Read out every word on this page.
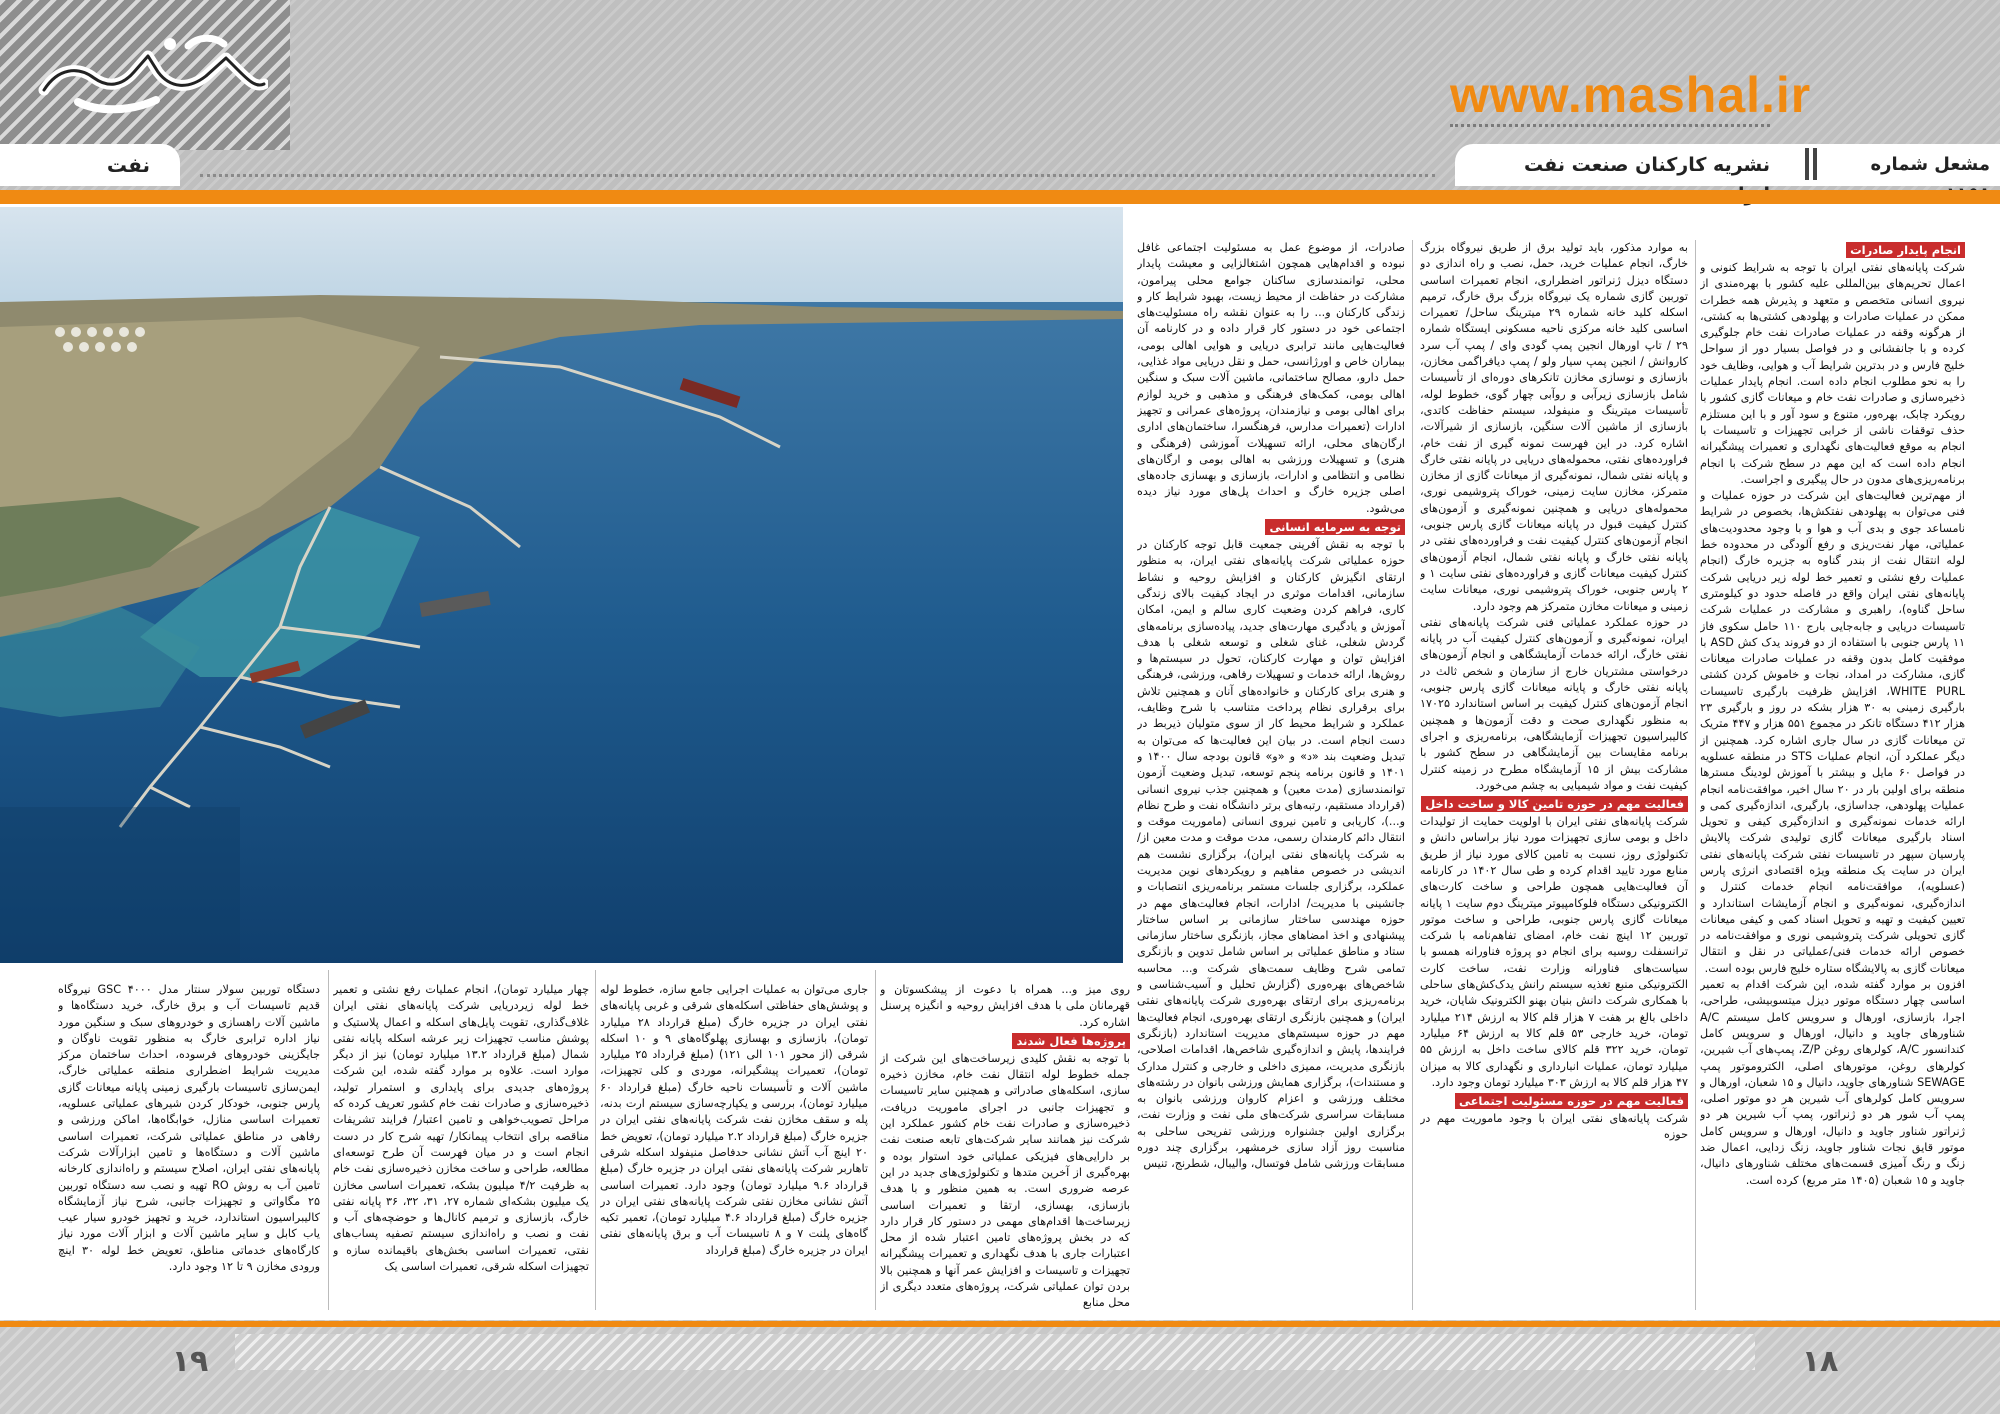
www.mashal.ir
نفت	نشریه کارکنان صنعت نفت	مشعل شماره
انجام پایدار صادرات

شرکت پایانه‌های نفتی ایران با توجه به شرایط کنونی و اعمال تحریم‌های بین‌المللی علیه کشور با بهره‌مندی از نیروی انسانی متخصص و متعهد و پذیرش همه خطرات ممکن در عملیات صادرات و پهلودهی کشتی‌ها به کشتی، از هرگونه وقفه در عملیات صادرات نفت خام جلوگیری کرده و با جانفشانی و در فواصل بسیار دور از سواحل خلیج فارس و در بدترین شرایط آب و هوایی، وظایف خود را به نحو مطلوب انجام داده است. انجام پایدار عملیات ذخیره‌سازی و صادرات نفت خام و میعانات گازی کشور با رویکرد چابک، بهره‌ور، متنوع و سود آور و با این مستلزم حذف توقفات ناشی از خرابی تجهیزات و تاسیسات با انجام به موقع فعالیت‌های نگهداری و تعمیرات پیشگیرانه انجام داده است که این مهم در سطح شرکت با انجام برنامه‌ریزی‌های مدون در حال پیگیری و اجراست.

از مهم‌ترین فعالیت‌های این شرکت در حوزه عملیات و فنی می‌توان به پهلودهی نفتکش‌ها، بخصوص در شرایط نامساعد جوی و بدی آب و هوا و با وجود محدودیت‌های عملیاتی، مهار نفت‌ریزی و رفع آلودگی در محدوده خط لوله انتقال نفت از بندر گناوه به جزیره خارگ (انجام عملیات رفع نشتی و تعمیر خط لوله زیر دریایی شرکت پایانه‌های نفتی ایران واقع در فاصله حدود دو کیلومتری ساحل گناوه)، راهبری و مشارکت در عملیات شرکت تاسیسات دریایی و جابه‌جایی بارج ۱۱۰ حامل سکوی فاز ۱۱ پارس جنوبی با استفاده از دو فروند یدک کش ASD با موفقیت کامل بدون وقفه در عملیات صادرات میعانات گازی، مشارکت در امداد، نجات و خاموش کردن کشتی WHITE PURL، افزایش ظرفیت بارگیری تاسیسات بارگیری زمینی به ۳۰ هزار بشکه در روز و بارگیری ۲۳ هزار ۴۱۲ دستگاه تانکر در مجموع ۵۵۱ هزار و ۴۴۷ متریک تن میعانات گازی در سال جاری اشاره کرد. همچنین از دیگر عملکرد آن، انجام عملیات STS در منطقه عسلویه در فواصل ۶۰ مایل و بیشتر با آموزش لودینگ مستر‌ها منطقه برای اولین بار در ۲۰ سال اخیر، موافقت‌نامه انجام عملیات پهلودهی، جداسازی، بارگیری، اندازه‌گیری کمی و ارائه خدمات نمونه‌گیری و اندازه‌گیری کیفی و تحویل اسناد بارگیری میعانات گازی تولیدی شرکت پالایش پارسیان سپهر در تاسیسات نفتی شرکت پایانه‌های نفتی ایران در سایت یک منطقه ویژه اقتصادی انرژی پارس (عسلویه)، موافقت‌نامه انجام خدمات کنترل و اندازه‌گیری، نمونه‌گیری و انجام آزمایشات استاندارد و تعیین کیفیت و تهیه و تحویل اسناد کمی و کیفی میعانات گازی تحویلی شرکت پتروشیمی نوری و موافقت‌نامه در خصوص ارائه خدمات فنی/عملیاتی در نقل و انتقال میعانات گازی به پالایشگاه ستاره خلیج فارس بوده است.

افزون بر موارد گفته شده، این شرکت اقدام به تعمیر اساسی چهار دستگاه موتور دیزل میتسوبیشی، طراحی، اجرا، بازسازی، اورهال و سرویس کامل سیستم A/C شناورهای جاوید و دانیال، اورهال و سرویس کامل کندانسور A/C، کولرهای روغن Z/P، پمپ‌های آب شیرین، کولرهای روغن، موتورهای اصلی، الکتروموتور پمپ SEWAGE شناورهای جاوید، دانیال و ۱۵ شعبان، اورهال و سرویس کامل کولرهای آب شیرین هر دو موتور اصلی، پمپ آب شور هر دو ژنراتور، پمپ آب شیرین هر دو ژنراتور شناور جاوید و دانیال، اورهال و سرویس کامل موتور قایق نجات شناور جاوید، زنگ زدایی، اعمال ضد زنگ و رنگ آمیزی قسمت‌های مختلف شناورهای دانیال، جاوید و ۱۵ شعبان (۱۴۰۵ متر مربع) کرده است.

به موارد مذکور، باید تولید برق از طریق نیروگاه بزرگ خارگ، انجام عملیات خرید، حمل، نصب و راه اندازی دو دستگاه دیزل ژنراتور اضطراری، انجام تعمیرات اساسی توربین گازی شماره یک نیروگاه بزرگ برق خارگ، ترمیم اسکله کلید خانه شماره ۲۹ میترینگ ساحل/ تعمیرات اساسی کلید خانه مرکزی ناحیه مسکونی ایستگاه شماره ۲۹ / تاپ اورهال انجین پمپ گودی وای / پمپ آب سرد کاروانش / انجین پمپ سیار ولو / پمپ دیافراگمی مخازن، بازسازی و نوسازی مخازن تانکرهای دوره‌ای از تأسیسات شامل بازسازی زیرآبی و روآبی چهار گوی، خطوط لوله، تأسیسات میترینگ و منیفولد، سیستم حفاظت کاتدی، بازسازی از ماشین آلات سنگین، بازسازی از شیرآلات، اشاره کرد. در این فهرست نمونه گیری از نفت خام، فراورده‌های نفتی، محموله‌های دریایی در پایانه نفتی خارگ و پایانه نفتی شمال، نمونه‌گیری از میعانات گازی از مخازن متمرکز، مخازن سایت زمینی، خوراک پتروشیمی نوری، محموله‌های دریایی و همچنین نمونه‌گیری و آزمون‌های کنترل کیفیت قبول در پایانه میعانات گازی پارس جنوبی، انجام آزمون‌های کنترل کیفیت نفت و فراورده‌های نفتی در پایانه نفتی خارگ و پایانه نفتی شمال، انجام آزمون‌های کنترل کیفیت میعانات گازی و فراورده‌های نفتی سایت ۱ و ۲ پارس جنوبی، خوراک پتروشیمی نوری، میعانات سایت زمینی و میعانات مخازن متمرکز هم وجود دارد.

در حوزه عملکرد عملیاتی فنی شرکت پایانه‌های نفتی ایران، نمونه‌گیری و آزمون‌های کنترل کیفیت آب در پایانه نفتی خارگ، ارائه خدمات آزمایشگاهی و انجام آزمون‌های درخواستی مشتریان خارج از سازمان و شخص ثالث در پایانه نفتی خارگ و پایانه میعانات گازی پارس جنوبی، انجام آزمون‌های کنترل کیفیت بر اساس استاندارد ۱۷۰۲۵ به منظور نگهداری صحت و دقت آزمون‌ها و همچنین کالیبراسیون تجهیزات آزمایشگاهی، برنامه‌ریزی و اجرای برنامه مقایسات بین آزمایشگاهی در سطح کشور با مشارکت بیش از ۱۵ آزمایشگاه مطرح در زمینه کنترل کیفیت نفت و مواد شیمیایی به چشم می‌خورد.

فعالیت مهم در حوزه تامین کالا و ساخت داخل

شرکت پایانه‌های نفتی ایران با اولویت حمایت از تولیدات داخل و بومی سازی تجهیزات مورد نیاز براساس دانش و تکنولوژی روز، نسبت به تامین کالای مورد نیاز از طریق منابع مورد تایید اقدام کرده و طی سال ۱۴۰۲ در کارنامه آن فعالیت‌هایی همچون طراحی و ساخت کارت‌های الکترونیکی دستگاه فلوکامپیوتر میترینگ دوم سایت ۱ پایانه میعانات گازی پارس جنوبی، طراحی و ساخت موتور توربین ۱۲ اینچ نفت خام، امضای تفاهم‌نامه با شرکت ترانسفلت روسیه برای انجام دو پروژه فناورانه همسو با سیاست‌های فناورانه وزارت نفت، ساخت کارت الکترونیکی منبع تغذیه سیستم رانش یدک‌کش‌های ساحلی با همکاری شرکت دانش بنیان بهنو الکترونیک شایان، خرید داخلی بالغ بر هفت ۷ هزار قلم کالا به ارزش ۲۱۴ میلیارد تومان، خرید خارجی ۵۳ قلم کالا به ارزش ۶۴ میلیارد تومان، خرید ۳۲۲ قلم کالای ساخت داخل به ارزش ۵۵ میلیارد تومان، عملیات انبارداری و نگهداری کالا به میزان ۴۷ هزار قلم کالا به ارزش ۳۰۳ میلیارد تومان وجود دارد.

فعالیت مهم در حوزه مسئولیت اجتماعی

شرکت پایانه‌های نفتی ایران با وجود ماموریت مهم در حوزه

صادرات، از موضوع عمل به مسئولیت اجتماعی غافل نبوده و اقدام‌هایی همچون اشتغالزایی و معیشت پایدار محلی، توانمندسازی ساکنان جوامع محلی پیرامون، مشارکت در حفاظت از محیط زیست، بهبود شرایط کار و زندگی کارکنان و... را به عنوان نقشه راه مسئولیت‌های اجتماعی خود در دستور کار قرار داده و در کارنامه آن فعالیت‌هایی مانند ترابری دریایی و هوایی اهالی بومی، بیماران خاص و اورژانسی، حمل و نقل دریایی مواد غذایی، حمل دارو، مصالح ساختمانی، ماشین آلات سبک و سنگین اهالی بومی، کمک‌های فرهنگی و مذهبی و خرید لوازم برای اهالی بومی و نیازمندان، پروژه‌های عمرانی و تجهیز ادارات (تعمیرات مدارس، فرهنگسرا، ساختمان‌های اداری ارگان‌های محلی، ارائه تسهیلات آموزشی (فرهنگی و هنری) و تسهیلات ورزشی به اهالی بومی و ارگان‌های نظامی و انتظامی و ادارات، بازسازی و بهسازی جاده‌های اصلی جزیره خارگ و احداث پل‌های مورد نیاز دیده می‌شود.

توجه به سرمایه انسانی

با توجه به نقش آفرینی جمعیت قابل توجه کارکنان در حوزه عملیاتی شرکت پایانه‌های نفتی ایران، به منظور ارتقای انگیزش کارکنان و افزایش روحیه و نشاط سازمانی، اقدامات موثری در ایجاد کیفیت بالای زندگی کاری، فراهم کردن وضعیت کاری سالم و ایمن، امکان آموزش و یادگیری مهارت‌های جدید، پیاده‌سازی برنامه‌های گردش شغلی، غنای شغلی و توسعه شغلی با هدف افزایش توان و مهارت کارکنان، تحول در سیستم‌ها و روش‌ها، ارائه خدمات و تسهیلات رفاهی، ورزشی، فرهنگی و هنری برای کارکنان و خانواده‌های آنان و همچنین تلاش برای برقراری نظام پرداخت متناسب با شرح وظایف، عملکرد و شرایط محیط کار از سوی متولیان ذیربط در دست انجام است. در بیان این فعالیت‌ها که می‌توان به تبدیل وضعیت بند «د» و «و» قانون بودجه سال ۱۴۰۰ و ۱۴۰۱ و قانون برنامه پنجم توسعه، تبدیل وضعیت آزمون توانمندسازی (مدت معین) و همچنین جذب نیروی انسانی (قرارداد مستقیم، رتبه‌های برتر دانشگاه نفت و طرح نظام و...)، کاریابی و تامین نیروی انسانی (ماموریت موقت و انتقال دائم کارمندان رسمی، مدت موقت و مدت معین از/به شرکت پایانه‌های نفتی ایران)، برگزاری نشست هم اندیشی در خصوص مفاهیم و رویکردهای نوین مدیریت عملکرد، برگزاری جلسات مستمر برنامه‌ریزی انتصابات و جانشینی با مدیریت/ ادارات، انجام فعالیت‌های مهم در حوزه مهندسی ساختار سازمانی بر اساس ساختار پیشنهادی و اخذ امضاهای مجاز، بازنگری ساختار سازمانی ستاد و مناطق عملیاتی بر اساس شامل تدوین و بازنگری تمامی شرح وظایف سمت‌های شرکت و... محاسبه شاخص‌های بهره‌وری (گزارش تحلیل و آسیب‌شناسی و برنامه‌ریزی برای ارتقای بهره‌وری شرکت پایانه‌های نفتی ایران) و همچنین بازنگری ارتقای بهره‌وری، انجام فعالیت‌ها مهم در حوزه سیستم‌های مدیریت استاندارد (بازنگری فرایندها، پایش و اندازه‌گیری شاخص‌ها، اقدامات اصلاحی، بازنگری مدیریت، ممیزی داخلی و خارجی و کنترل مدارک و مستندات)، برگزاری همایش ورزشی بانوان در رشته‌های مختلف ورزشی و اعزام کاروان ورزشی بانوان به مسابقات سراسری شرکت‌های ملی نفت و وزارت نفت، برگزاری اولین جشنواره ورزشی تفریحی ساحلی به مناسبت روز آزاد سازی خرمشهر، برگزاری چند دوره مسابقات ورزشی شامل فوتسال، والیبال، شطرنج، تنیس

روی میز و... همراه با دعوت از پیشکسوتان و قهرمانان ملی با هدف افزایش روحیه و انگیزه پرسنل اشاره کرد.

پروژه‌ها فعال شدند

با توجه به نقش کلیدی زیرساخت‌های این شرکت از جمله خطوط لوله انتقال نفت خام، مخازن ذخیره سازی، اسکله‌های صادراتی و همچنین سایر تاسیسات و تجهیزات جانبی در اجرای ماموریت دریافت، ذخیره‌سازی و صادرات نفت خام کشور عملکرد این شرکت نیز همانند سایر شرکت‌های تابعه صنعت نفت بر دارایی‌های فیزیکی عملیاتی خود استوار بوده و بهره‌گیری از آخرین متدها و تکنولوژی‌های جدید در این عرصه ضروری است. به همین منظور و با هدف بازسازی، بهسازی، ارتقا و تعمیرات اساسی زیرساخت‌ها اقدام‌های مهمی در دستور کار قرار دارد که در بخش پروژه‌های تامین اعتبار شده از محل اعتبارات جاری با هدف نگهداری و تعمیرات پیشگیرانه تجهیزات و تاسیسات و افزایش عمر آنها و همچنین بالا بردن توان عملیاتی شرکت، پروژه‌های متعدد دیگری از محل منابع

جاری می‌توان به عملیات اجرایی جامع سازه، خطوط لوله و پوشش‌های حفاظتی اسکله‌های شرقی و غربی پایانه‌های نفتی ایران در جزیره خارگ (مبلغ قرارداد ۲۸ میلیارد تومان)، بازسازی و بهسازی پهلوگاه‌های ۹ و ۱۰ اسکله شرقی (از محور ۱۰۱ الی ۱۲۱) (مبلغ قرارداد ۲۵ میلیارد تومان)، تعمیرات پیشگیرانه، موردی و کلی تجهیزات، ماشین آلات و تأسیسات ناحیه خارگ (مبلغ قرارداد ۶۰ میلیارد تومان)، بررسی و یکپارچه‌سازی سیستم ارت بدنه، پله و سقف مخازن نفت شرکت پایانه‌های نفتی ایران در جزیره خارگ (مبلغ قرارداد ۲.۲ میلیارد تومان)، تعویض خط ۲۰ اینچ آب آتش نشانی حدفاصل منیفولد اسکله شرقی تاهاربر شرکت پایانه‌های نفتی ایران در جزیره خارگ (مبلغ قرارداد ۹.۶ میلیارد تومان) وجود دارد. تعمیرات اساسی آتش نشانی مخازن نفتی شرکت پایانه‌های نفتی ایران در جزیره خارگ (مبلغ قرارداد ۴.۶ میلیارد تومان)، تعمیر تکیه گاه‌های پلنت ۷ و ۸ تاسیسات آب و برق پایانه‌های نفتی ایران در جزیره خارگ (مبلغ قرارداد

چهار میلیارد تومان)، انجام عملیات رفع نشتی و تعمیر خط لوله زیردریایی شرکت پایانه‌های نفتی ایران غلاف‌گذاری، تقویت پایل‌های اسکله و اعمال پلاستیک و پوشش مناسب تجهیزات زیر عرشه اسکله پایانه نفتی شمال (مبلغ قرارداد ۱۳.۲ میلیارد تومان) نیز از دیگر موارد است. علاوه بر موارد گفته شده، این شرکت پروژه‌های جدیدی برای پایداری و استمرار تولید، ذخیره‌سازی و صادرات نفت خام کشور تعریف کرده که مراحل تصویب‌خواهی و تامین اعتبار/ فرایند تشریفات مناقصه برای انتخاب پیمانکار/ تهیه شرح کار در دست انجام است و در میان فهرست آن طرح توسعه‌ای مطالعه، طراحی و ساخت مخازن ذخیره‌سازی نفت خام به ظرفیت ۴/۲ میلیون بشکه، تعمیرات اساسی مخازن یک میلیون بشکه‌ای شماره ۲۷، ۳۱، ۳۲، ۳۶ پایانه نفتی خارگ، بازسازی و ترمیم کانال‌ها و حوضچه‌های آب و نفت و نصب و راه‌اندازی سیستم تصفیه پساب‌های نفتی، تعمیرات اساسی بخش‌های باقیمانده سازه و تجهیزات اسکله شرقی، تعمیرات اساسی یک

دستگاه توربین سولار سنتار مدل GSC ۴۰۰۰ نیروگاه قدیم تاسیسات آب و برق خارگ، خرید دستگاه‌ها و ماشین آلات راهسازی و خودروهای سبک و سنگین مورد نیاز اداره ترابری خارگ به منظور تقویت ناوگان و جایگزینی خودروهای فرسوده، احداث ساختمان مرکز مدیریت شرایط اضطراری منطقه عملیاتی خارگ، ایمن‌سازی تاسیسات بارگیری زمینی پایانه میعانات گازی پارس جنوبی، خودکار کردن شیرهای عملیاتی عسلویه، تعمیرات اساسی منازل، خوابگاه‌ها، اماکن ورزشی و رفاهی در مناطق عملیاتی شرکت، تعمیرات اساسی ماشین آلات و دستگاه‌ها و تامین ابزارآلات شرکت پایانه‌های نفتی ایران، اصلاح سیستم و راه‌اندازی کارخانه تامین آب به روش RO تهیه و نصب سه دستگاه توربین ۲۵ مگاواتی و تجهیزات جانبی، شرح نیاز آزمایشگاه کالیبراسیون استاندارد، خرید و تجهیز خودرو سیار عیب یاب کابل و سایر ماشین آلات و ابزار آلات مورد نیاز کارگاه‌های خدماتی مناطق، تعویض خط لوله ۳۰ اینچ ورودی مخازن ۹ تا ۱۲ وجود دارد.

۱۹	۱۸
